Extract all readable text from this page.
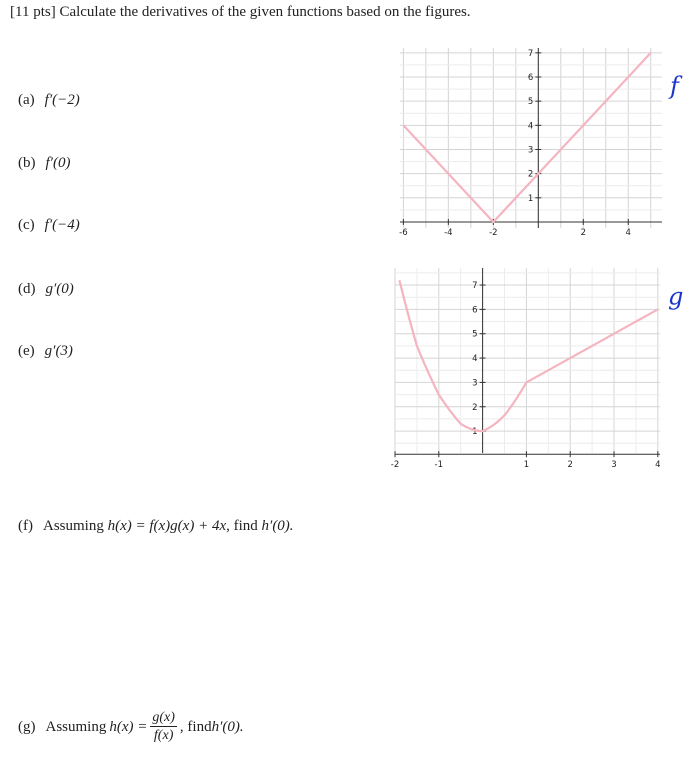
[11 pts] Calculate the derivatives of the given functions based on the figures.
(a) f′(−2)
(b) f′(0)
(c) f′(−4)
(d) g′(0)
(e) g′(3)
(f) Assuming h(x) = f(x)g(x) + 4x, find h′(0).
(g) Assuming $h(x) = \frac{g(x)}{f(x)}$ , find h′(0).
-6	-4	-2	2	4
1
2
3
4
5
6
7
f
-2	-1	1	2	3	4
1
2
3
4
5
6
7	g
